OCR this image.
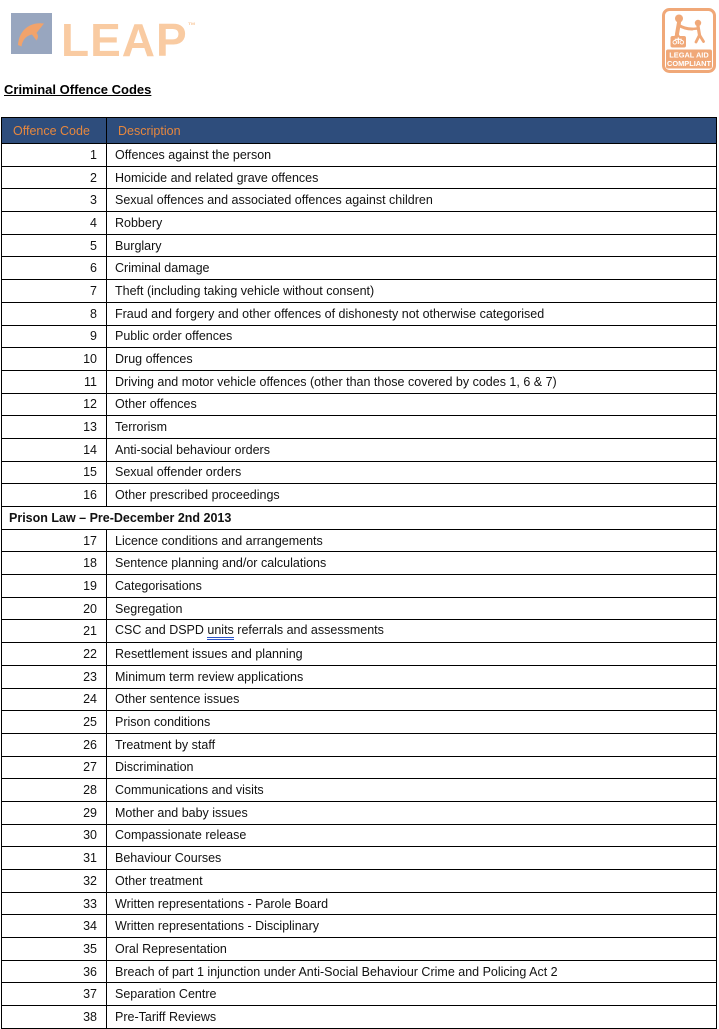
LEAP™
LEGAL AID
COMPLIANT
Criminal Offence Codes
Offence Code	Description
1	Offences against the person
2	Homicide and related grave offences
3	Sexual offences and associated offences against children
4	Robbery
5	Burglary
6	Criminal damage
7	Theft (including taking vehicle without consent)
8	Fraud and forgery and other offences of dishonesty not otherwise categorised
9	Public order offences
10	Drug offences
11	Driving and motor vehicle offences (other than those covered by codes 1, 6 & 7)
12	Other offences
13	Terrorism
14	Anti-social behaviour orders
15	Sexual offender orders
16	Other prescribed proceedings
Prison Law – Pre-December 2nd 2013	
17	Licence conditions and arrangements
18	Sentence planning and/or calculations
19	Categorisations
20	Segregation
21	CSC and DSPD units referrals and assessments
22	Resettlement issues and planning
23	Minimum term review applications
24	Other sentence issues
25	Prison conditions
26	Treatment by staff
27	Discrimination
28	Communications and visits
29	Mother and baby issues
30	Compassionate release
31	Behaviour Courses
32	Other treatment
33	Written representations - Parole Board
34	Written representations - Disciplinary
35	Oral Representation
36	Breach of part 1 injunction under Anti-Social Behaviour Crime and Policing Act 2
37	Separation Centre
38	Pre-Tariff Reviews
